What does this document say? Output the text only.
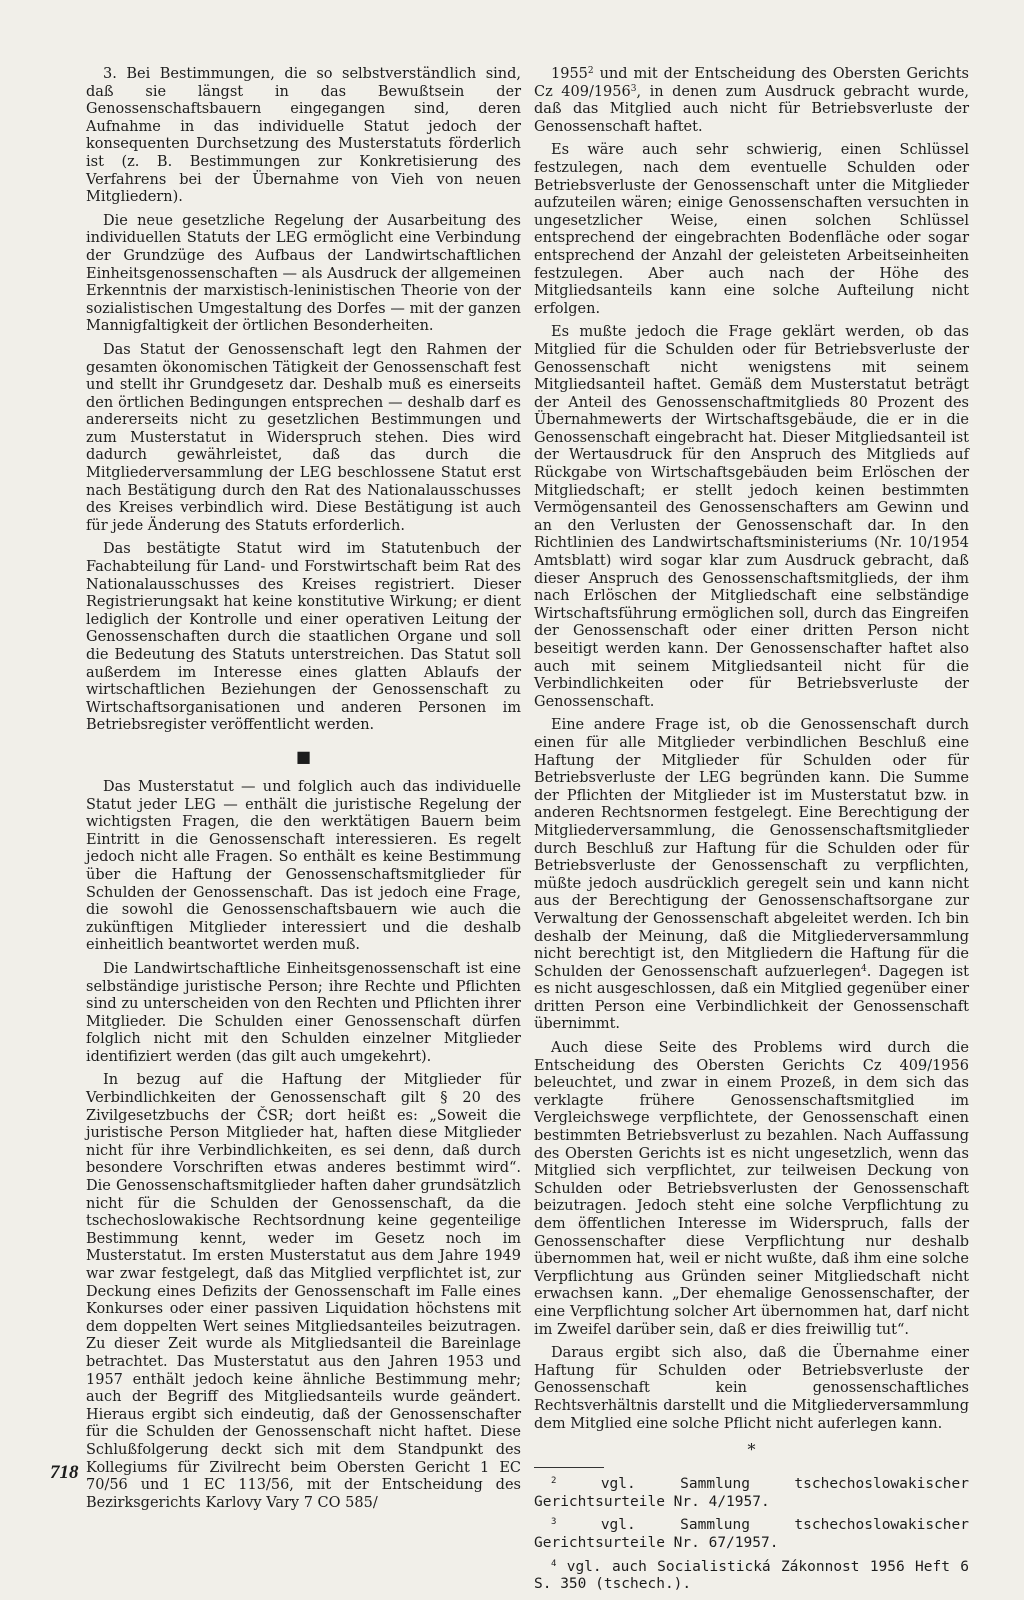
3. Bei Bestimmungen, die so selbstverständlich sind, daß sie längst in das Bewußtsein der Genossenschaftsbauern eingegangen sind, deren Aufnahme in das individuelle Statut jedoch der konsequenten Durchsetzung des Musterstatuts förderlich ist (z. B. Bestimmungen zur Konkretisierung des Verfahrens bei der Übernahme von Vieh von neuen Mitgliedern).

Die neue gesetzliche Regelung der Ausarbeitung des individuellen Statuts der LEG ermöglicht eine Verbindung der Grundzüge des Aufbaus der Landwirtschaftlichen Einheitsgenossenschaften — als Ausdruck der allgemeinen Erkenntnis der marxistisch-leninistischen Theorie von der sozialistischen Umgestaltung des Dorfes — mit der ganzen Mannigfaltigkeit der örtlichen Besonderheiten.

Das Statut der Genossenschaft legt den Rahmen der gesamten ökonomischen Tätigkeit der Genossenschaft fest und stellt ihr Grundgesetz dar. Deshalb muß es einerseits den örtlichen Bedingungen entsprechen — deshalb darf es andererseits nicht zu gesetzlichen Bestimmungen und zum Musterstatut in Widerspruch stehen. Dies wird dadurch gewährleistet, daß das durch die Mitgliederversammlung der LEG beschlossene Statut erst nach Bestätigung durch den Rat des Nationalausschusses des Kreises verbindlich wird. Diese Bestätigung ist auch für jede Änderung des Statuts erforderlich.

Das bestätigte Statut wird im Statutenbuch der Fachabteilung für Land- und Forstwirtschaft beim Rat des Nationalausschusses des Kreises registriert. Dieser Registrierungsakt hat keine konstitutive Wirkung; er dient lediglich der Kontrolle und einer operativen Leitung der Genossenschaften durch die staatlichen Organe und soll die Bedeutung des Statuts unterstreichen. Das Statut soll außerdem im Interesse eines glatten Ablaufs der wirtschaftlichen Beziehungen der Genossenschaft zu Wirtschaftsorganisationen und anderen Personen im Betriebsregister veröffentlicht werden.

■

Das Musterstatut — und folglich auch das individuelle Statut jeder LEG — enthält die juristische Regelung der wichtigsten Fragen, die den werktätigen Bauern beim Eintritt in die Genossenschaft interessieren. Es regelt jedoch nicht alle Fragen. So enthält es keine Bestimmung über die Haftung der Genossenschaftsmitglieder für Schulden der Genossenschaft. Das ist jedoch eine Frage, die sowohl die Genossenschaftsbauern wie auch die zukünftigen Mitglieder interessiert und die deshalb einheitlich beantwortet werden muß.

Die Landwirtschaftliche Einheitsgenossenschaft ist eine selbständige juristische Person; ihre Rechte und Pflichten sind zu unterscheiden von den Rechten und Pflichten ihrer Mitglieder. Die Schulden einer Genossenschaft dürfen folglich nicht mit den Schulden einzelner Mitglieder identifiziert werden (das gilt auch umgekehrt).

In bezug auf die Haftung der Mitglieder für Verbindlichkeiten der Genossenschaft gilt § 20 des Zivilgesetzbuchs der ČSR; dort heißt es: „Soweit die juristische Person Mitglieder hat, haften diese Mitglieder nicht für ihre Verbindlichkeiten, es sei denn, daß durch besondere Vorschriften etwas anderes bestimmt wird“. Die Genossenschaftsmitglieder haften daher grundsätzlich nicht für die Schulden der Genossenschaft, da die tschechoslowakische Rechtsordnung keine gegenteilige Bestimmung kennt, weder im Gesetz noch im Musterstatut. Im ersten Musterstatut aus dem Jahre 1949 war zwar festgelegt, daß das Mitglied verpflichtet ist, zur Deckung eines Defizits der Genossenschaft im Falle eines Konkurses oder einer passiven Liquidation höchstens mit dem doppelten Wert seines Mitgliedsanteiles beizutragen. Zu dieser Zeit wurde als Mitgliedsanteil die Bareinlage betrachtet. Das Musterstatut aus den Jahren 1953 und 1957 enthält jedoch keine ähnliche Bestimmung mehr; auch der Begriff des Mitgliedsanteils wurde geändert. Hieraus ergibt sich eindeutig, daß der Genossenschafter für die Schulden der Genossenschaft nicht haftet. Diese Schlußfolgerung deckt sich mit dem Standpunkt des Kollegiums für Zivilrecht beim Obersten Gericht 1 EC 70/56 und 1 EC 113/56, mit der Entscheidung des Bezirksgerichts Karlovy Vary 7 CO 585/

1955$^2$ und mit der Entscheidung des Obersten Gerichts Cz 409/1956$^3$, in denen zum Ausdruck gebracht wurde, daß das Mitglied auch nicht für Betriebsverluste der Genossenschaft haftet.

Es wäre auch sehr schwierig, einen Schlüssel festzulegen, nach dem eventuelle Schulden oder Betriebsverluste der Genossenschaft unter die Mitglieder aufzuteilen wären; einige Genossenschaften versuchten in ungesetzlicher Weise, einen solchen Schlüssel entsprechend der eingebrachten Bodenfläche oder sogar entsprechend der Anzahl der geleisteten Arbeitseinheiten festzulegen. Aber auch nach der Höhe des Mitgliedsanteils kann eine solche Aufteilung nicht erfolgen.

Es mußte jedoch die Frage geklärt werden, ob das Mitglied für die Schulden oder für Betriebsverluste der Genossenschaft nicht wenigstens mit seinem Mitgliedsanteil haftet. Gemäß dem Musterstatut beträgt der Anteil des Genossenschaftmitglieds 80 Prozent des Übernahmewerts der Wirtschaftsgebäude, die er in die Genossenschaft eingebracht hat. Dieser Mitgliedsanteil ist der Wertausdruck für den Anspruch des Mitglieds auf Rückgabe von Wirtschaftsgebäuden beim Erlöschen der Mitgliedschaft; er stellt jedoch keinen bestimmten Vermögensanteil des Genossenschafters am Gewinn und an den Verlusten der Genossenschaft dar. In den Richtlinien des Landwirtschaftsministeriums (Nr. 10/1954 Amtsblatt) wird sogar klar zum Ausdruck gebracht, daß dieser Anspruch des Genossenschaftsmitglieds, der ihm nach Erlöschen der Mitgliedschaft eine selbständige Wirtschaftsführung ermöglichen soll, durch das Eingreifen der Genossenschaft oder einer dritten Person nicht beseitigt werden kann. Der Genossenschafter haftet also auch mit seinem Mitgliedsanteil nicht für die Verbindlichkeiten oder für Betriebsverluste der Genossenschaft.

Eine andere Frage ist, ob die Genossenschaft durch einen für alle Mitglieder verbindlichen Beschluß eine Haftung der Mitglieder für Schulden oder für Betriebsverluste der LEG begründen kann. Die Summe der Pflichten der Mitglieder ist im Musterstatut bzw. in anderen Rechtsnormen festgelegt. Eine Berechtigung der Mitgliederversammlung, die Genossenschaftsmitglieder durch Beschluß zur Haftung für die Schulden oder für Betriebsverluste der Genossenschaft zu verpflichten, müßte jedoch ausdrücklich geregelt sein und kann nicht aus der Berechtigung der Genossenschaftsorgane zur Verwaltung der Genossenschaft abgeleitet werden. Ich bin deshalb der Meinung, daß die Mitgliederversammlung nicht berechtigt ist, den Mitgliedern die Haftung für die Schulden der Genossenschaft aufzuerlegen$^4$. Dagegen ist es nicht ausgeschlossen, daß ein Mitglied gegenüber einer dritten Person eine Verbindlichkeit der Genossenschaft übernimmt.

Auch diese Seite des Problems wird durch die Entscheidung des Obersten Gerichts Cz 409/1956 beleuchtet, und zwar in einem Prozeß, in dem sich das verklagte frühere Genossenschaftsmitglied im Vergleichswege verpflichtete, der Genossenschaft einen bestimmten Betriebsverlust zu bezahlen. Nach Auffassung des Obersten Gerichts ist es nicht ungesetzlich, wenn das Mitglied sich verpflichtet, zur teilweisen Deckung von Schulden oder Betriebsverlusten der Genossenschaft beizutragen. Jedoch steht eine solche Verpflichtung zu dem öffentlichen Interesse im Widerspruch, falls der Genossenschafter diese Verpflichtung nur deshalb übernommen hat, weil er nicht wußte, daß ihm eine solche Verpflichtung aus Gründen seiner Mitgliedschaft nicht erwachsen kann. „Der ehemalige Genossenschafter, der eine Verpflichtung solcher Art übernommen hat, darf nicht im Zweifel darüber sein, daß er dies freiwillig tut“.

Daraus ergibt sich also, daß die Übernahme einer Haftung für Schulden oder Betriebsverluste der Genossenschaft kein genossenschaftliches Rechtsverhältnis darstellt und die Mitgliederversammlung dem Mitglied eine solche Pflicht nicht auferlegen kann.

*

$^2$ vgl. Sammlung tschechoslowakischer Gerichtsurteile Nr. 4/1957.

$^3$ vgl. Sammlung tschechoslowakischer Gerichtsurteile Nr. 67/1957.

$^4$ vgl. auch Socialistická Zákonnost 1956 Heft 6 S. 350 (tschech.).

718
